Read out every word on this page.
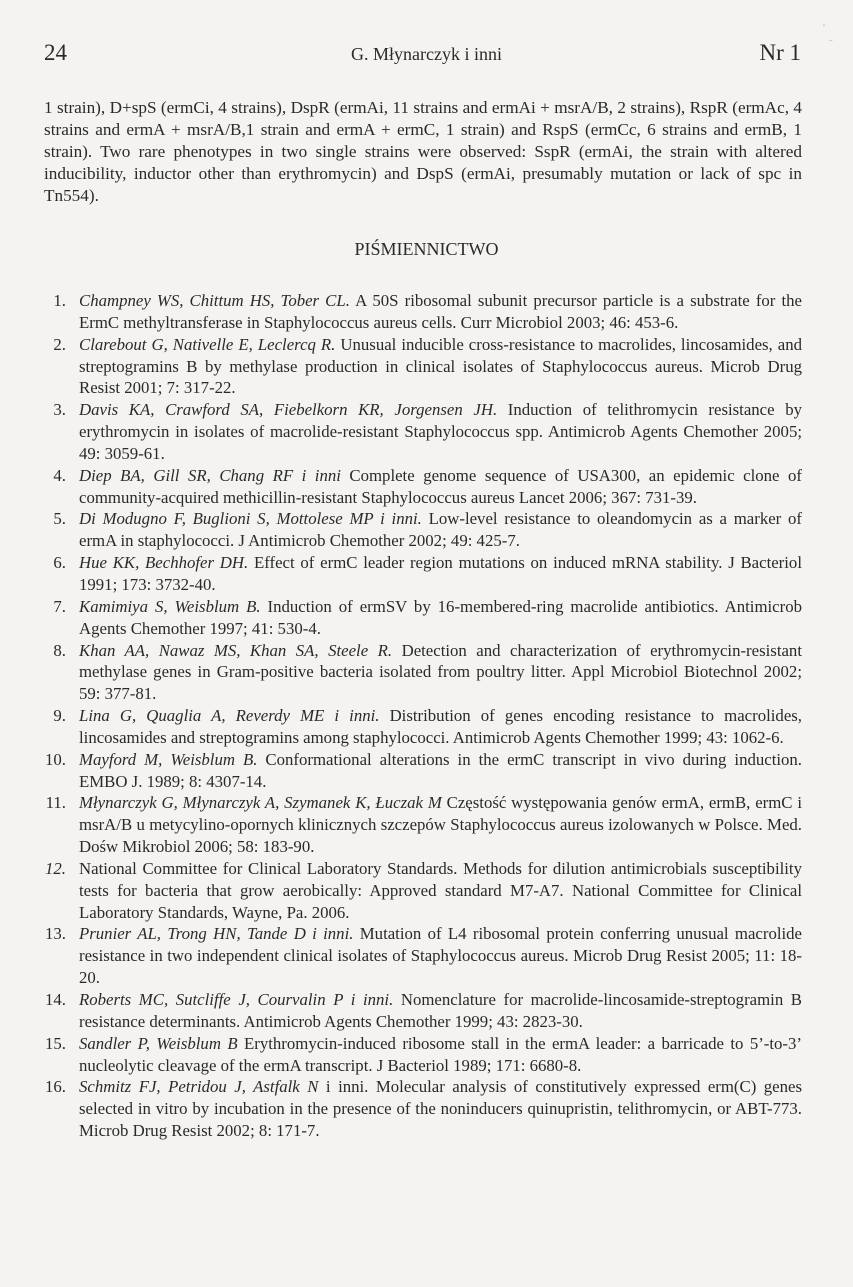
'
˜
24	G. Młynarczyk i inni	Nr 1

1 strain), D+spS (ermCi, 4 strains), DspR (ermAi, 11 strains and ermAi + msrA/B, 2 strains), RspR (ermAc, 4 strains and ermA + msrA/B,1 strain and ermA + ermC, 1 strain) and RspS (ermCc, 6 strains and ermB, 1 strain). Two rare phenotypes in two single strains were observed: SspR (ermAi, the strain with altered inducibility, inductor other than erythromycin) and DspS (ermAi, presumably mutation or lack of spc in Tn554).

PIŚMIENNICTWO
1. Champney WS, Chittum HS, Tober CL. A 50S ribosomal subunit precursor particle is a substrate for the ErmC methyltransferase in Staphylococcus aureus cells. Curr Microbiol 2003; 46: 453-6.
2. Clarebout G, Nativelle E, Leclercq R. Unusual inducible cross-resistance to macrolides, lincosamides, and streptogramins B by methylase production in clinical isolates of Staphylococcus aureus. Microb Drug Resist 2001; 7: 317-22.
3. Davis KA, Crawford SA, Fiebelkorn KR, Jorgensen JH. Induction of telithromycin resistance by erythromycin in isolates of macrolide-resistant Staphylococcus spp. Antimicrob Agents Chemother 2005; 49: 3059-61.
4. Diep BA, Gill SR, Chang RF i inni Complete genome sequence of USA300, an epidemic clone of community-acquired methicillin-resistant Staphylococcus aureus Lancet 2006; 367: 731-39.
5. Di Modugno F, Buglioni S, Mottolese MP i inni. Low-level resistance to oleandomycin as a marker of ermA in staphylococci. J Antimicrob Chemother 2002; 49: 425-7.
6. Hue KK, Bechhofer DH. Effect of ermC leader region mutations on induced mRNA stability. J Bacteriol 1991; 173: 3732-40.
7. Kamimiya S, Weisblum B. Induction of ermSV by 16-membered-ring macrolide antibiotics. Antimicrob Agents Chemother 1997; 41: 530-4.
8. Khan AA, Nawaz MS, Khan SA, Steele R. Detection and characterization of erythromycin-resistant methylase genes in Gram-positive bacteria isolated from poultry litter. Appl Microbiol Biotechnol 2002; 59: 377-81.
9. Lina G, Quaglia A, Reverdy ME i inni. Distribution of genes encoding resistance to macrolides, lincosamides and streptogramins among staphylococci. Antimicrob Agents Chemother 1999; 43: 1062-6.
10. Mayford M, Weisblum B. Conformational alterations in the ermC transcript in vivo during induction. EMBO J. 1989; 8: 4307-14.
11. Młynarczyk G, Młynarczyk A, Szymanek K, Łuczak M Częstość występowania genów ermA, ermB, ermC i msrA/B u metycylino-opornych klinicznych szczepów Staphylococcus aureus izolowanych w Polsce. Med. Dośw Mikrobiol 2006; 58: 183-90.
12. National Committee for Clinical Laboratory Standards. Methods for dilution antimicrobials susceptibility tests for bacteria that grow aerobically: Approved standard M7-A7. National Committee for Clinical Laboratory Standards, Wayne, Pa. 2006.
13. Prunier AL, Trong HN, Tande D i inni. Mutation of L4 ribosomal protein conferring unusual macrolide resistance in two independent clinical isolates of Staphylococcus aureus. Microb Drug Resist 2005; 11: 18-20.
14. Roberts MC, Sutcliffe J, Courvalin P i inni. Nomenclature for macrolide-lincosamide-streptogramin B resistance determinants. Antimicrob Agents Chemother 1999; 43: 2823-30.
15. Sandler P, Weisblum B Erythromycin-induced ribosome stall in the ermA leader: a barricade to 5’-to-3’ nucleolytic cleavage of the ermA transcript. J Bacteriol 1989; 171: 6680-8.
16. Schmitz FJ, Petridou J, Astfalk N i inni. Molecular analysis of constitutively expressed erm(C) genes selected in vitro by incubation in the presence of the noninducers quinupristin, telithromycin, or ABT-773. Microb Drug Resist 2002; 8: 171-7.
